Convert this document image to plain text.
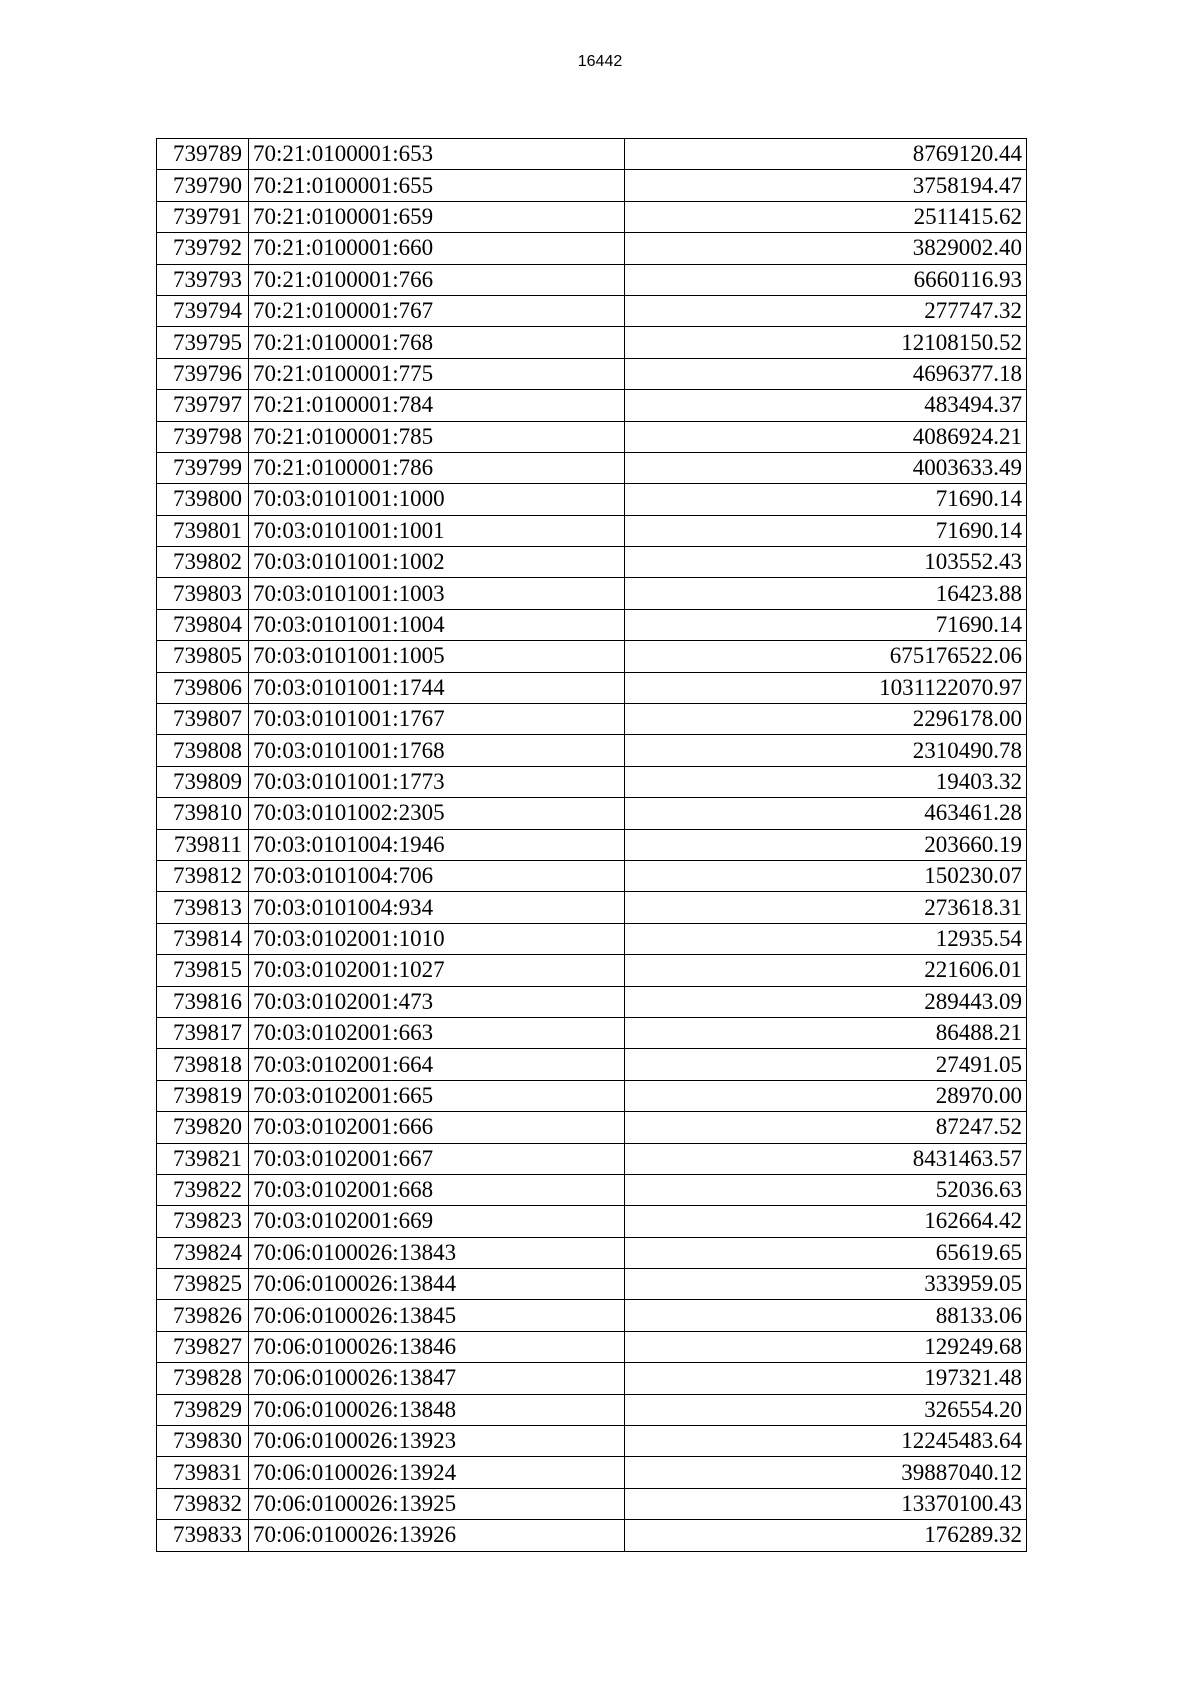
16442
739789	70:21:0100001:653	8769120.44
739790	70:21:0100001:655	3758194.47
739791	70:21:0100001:659	2511415.62
739792	70:21:0100001:660	3829002.40
739793	70:21:0100001:766	6660116.93
739794	70:21:0100001:767	277747.32
739795	70:21:0100001:768	12108150.52
739796	70:21:0100001:775	4696377.18
739797	70:21:0100001:784	483494.37
739798	70:21:0100001:785	4086924.21
739799	70:21:0100001:786	4003633.49
739800	70:03:0101001:1000	71690.14
739801	70:03:0101001:1001	71690.14
739802	70:03:0101001:1002	103552.43
739803	70:03:0101001:1003	16423.88
739804	70:03:0101001:1004	71690.14
739805	70:03:0101001:1005	675176522.06
739806	70:03:0101001:1744	1031122070.97
739807	70:03:0101001:1767	2296178.00
739808	70:03:0101001:1768	2310490.78
739809	70:03:0101001:1773	19403.32
739810	70:03:0101002:2305	463461.28
739811	70:03:0101004:1946	203660.19
739812	70:03:0101004:706	150230.07
739813	70:03:0101004:934	273618.31
739814	70:03:0102001:1010	12935.54
739815	70:03:0102001:1027	221606.01
739816	70:03:0102001:473	289443.09
739817	70:03:0102001:663	86488.21
739818	70:03:0102001:664	27491.05
739819	70:03:0102001:665	28970.00
739820	70:03:0102001:666	87247.52
739821	70:03:0102001:667	8431463.57
739822	70:03:0102001:668	52036.63
739823	70:03:0102001:669	162664.42
739824	70:06:0100026:13843	65619.65
739825	70:06:0100026:13844	333959.05
739826	70:06:0100026:13845	88133.06
739827	70:06:0100026:13846	129249.68
739828	70:06:0100026:13847	197321.48
739829	70:06:0100026:13848	326554.20
739830	70:06:0100026:13923	12245483.64
739831	70:06:0100026:13924	39887040.12
739832	70:06:0100026:13925	13370100.43
739833	70:06:0100026:13926	176289.32
